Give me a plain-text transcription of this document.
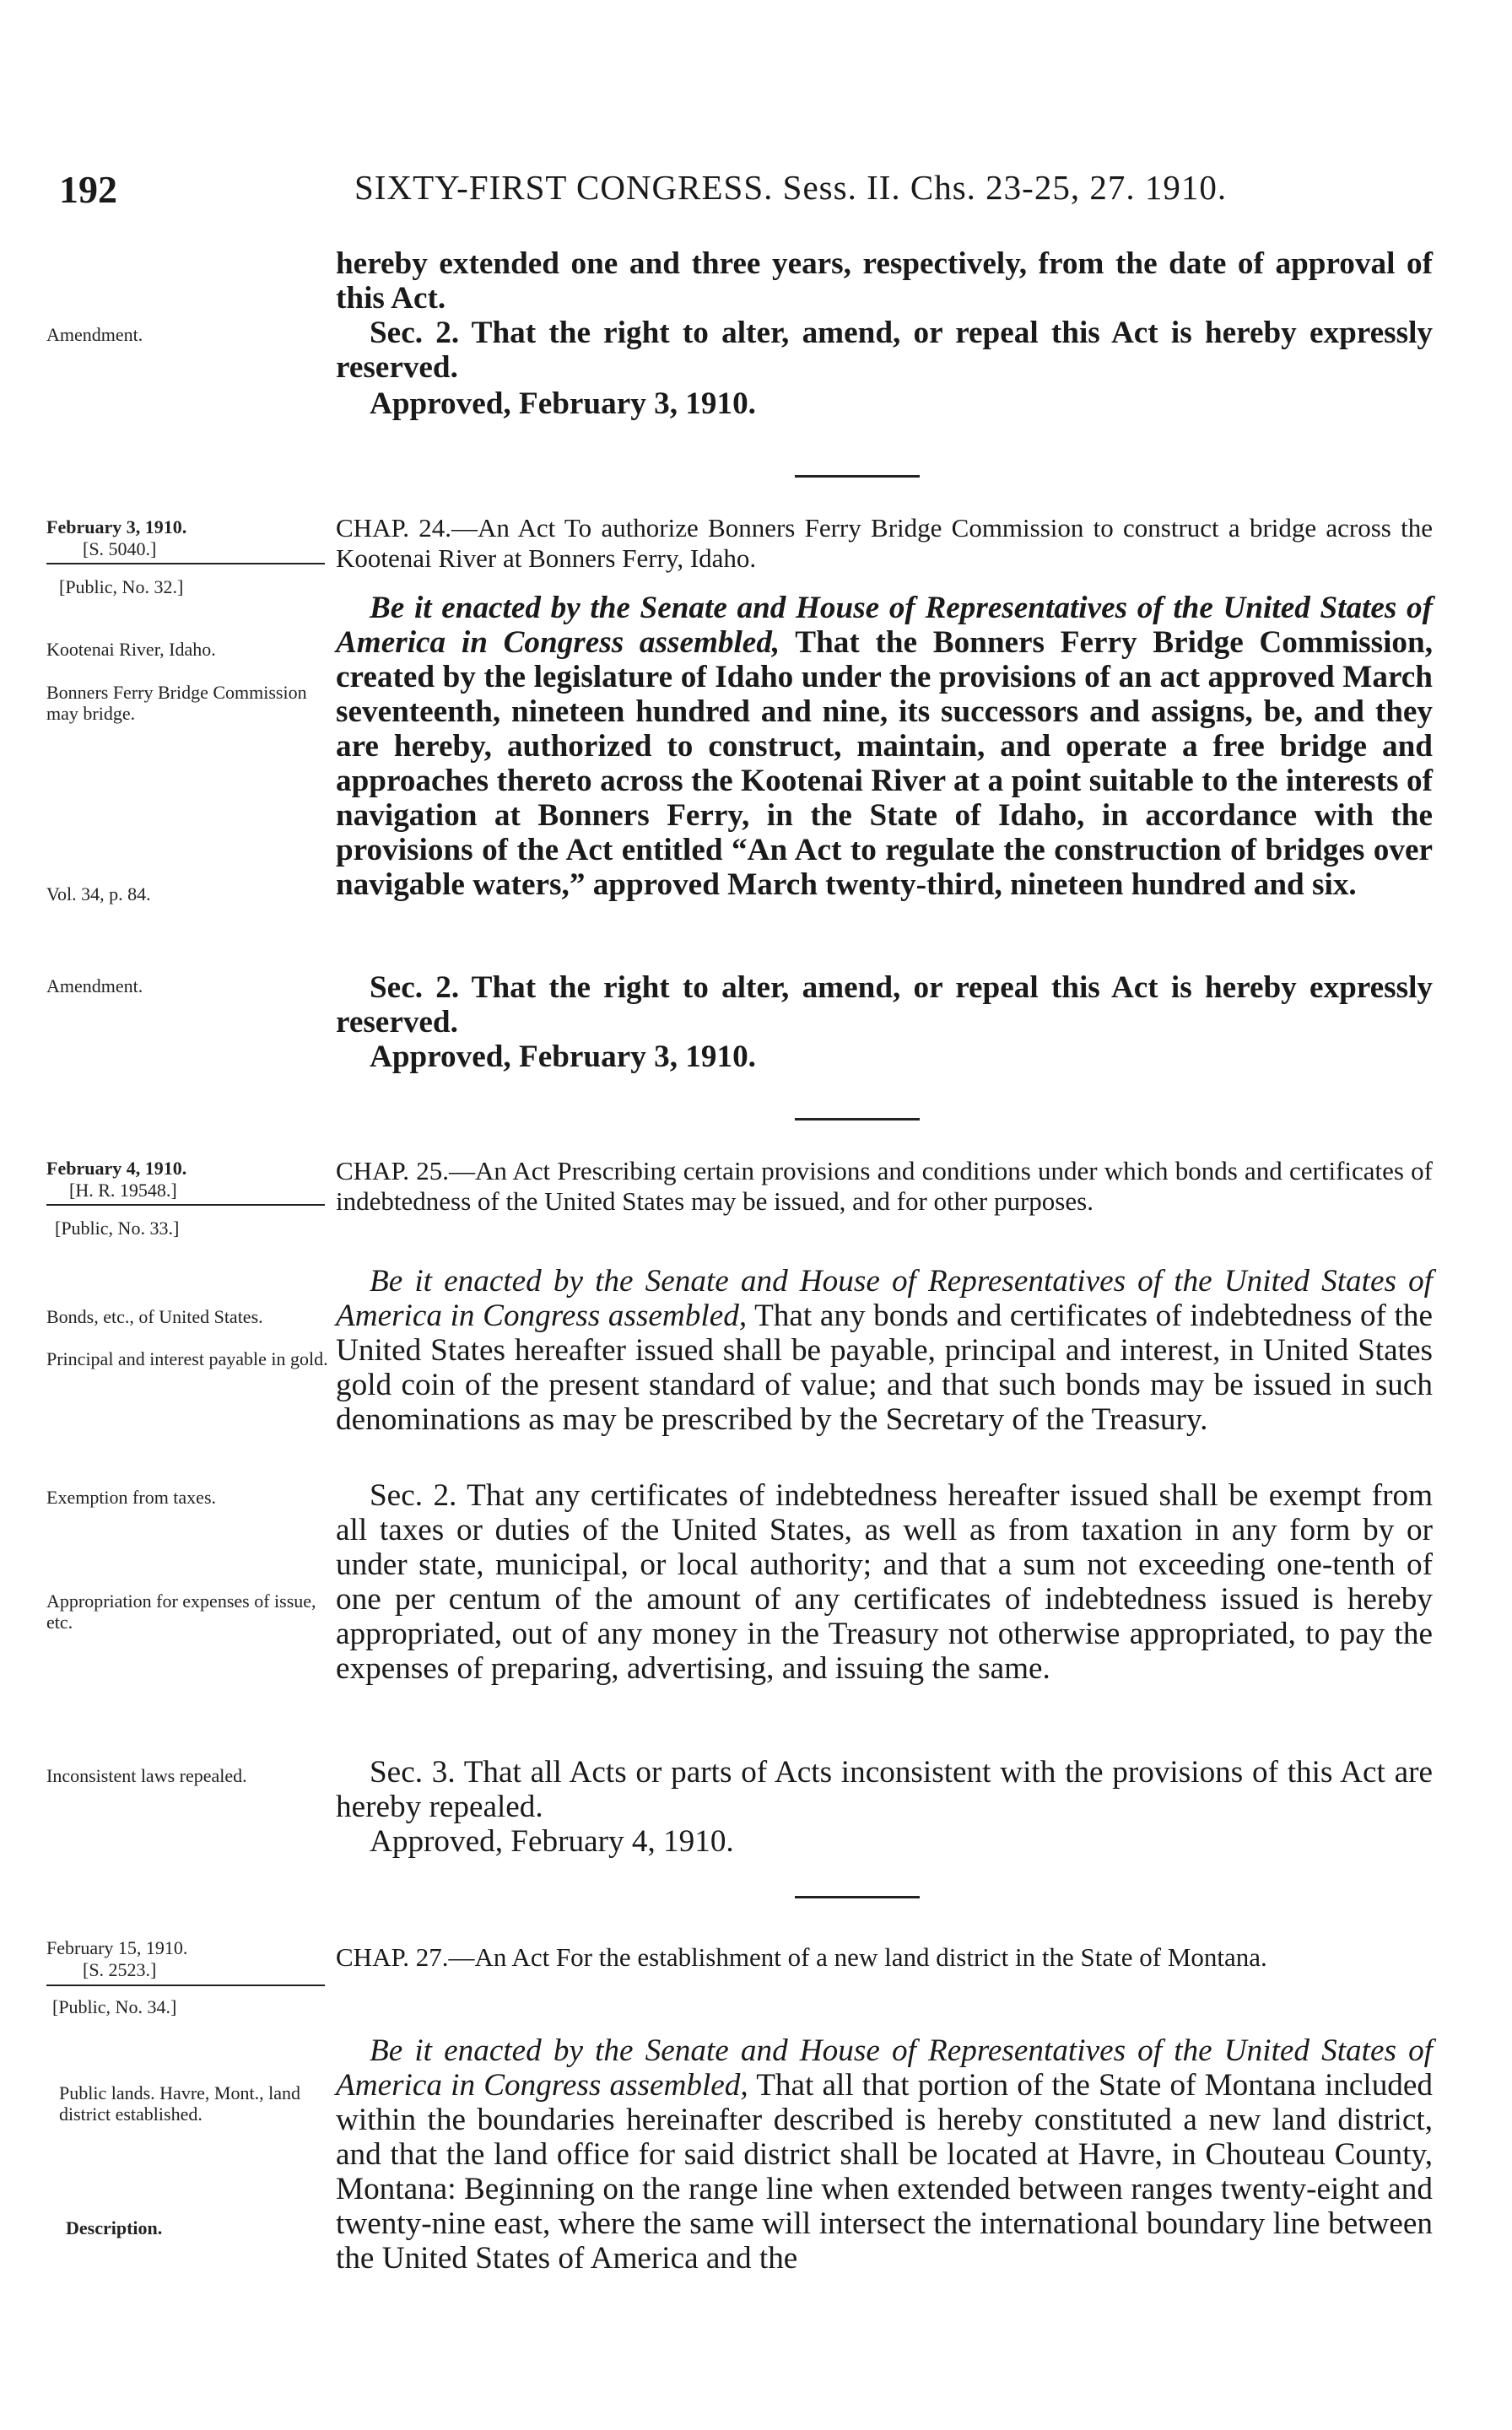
192	SIXTY-FIRST CONGRESS. Sess. II. Chs. 23-25, 27. 1910.
hereby extended one and three years, respectively, from the date of approval of this Act.
Amendment.	Sec. 2. That the right to alter, amend, or repeal this Act is hereby expressly reserved.
Approved, February 3, 1910.
February 3, 1910.
[S. 5040.]
[Public, No. 32.]
CHAP. 24.—An Act To authorize Bonners Ferry Bridge Commission to construct a bridge across the Kootenai River at Bonners Ferry, Idaho.
Kootenai River, Idaho.
Bonners Ferry Bridge Commission may bridge.
Vol. 34, p. 84.
Amendment.
Be it enacted by the Senate and House of Representatives of the United States of America in Congress assembled, That the Bonners Ferry Bridge Commission, created by the legislature of Idaho under the provisions of an act approved March seventeenth, nineteen hundred and nine, its successors and assigns, be, and they are hereby, authorized to construct, maintain, and operate a free bridge and approaches thereto across the Kootenai River at a point suitable to the interests of navigation at Bonners Ferry, in the State of Idaho, in accordance with the provisions of the Act entitled “An Act to regulate the construction of bridges over navigable waters,” approved March twenty-third, nineteen hundred and six.
Sec. 2. That the right to alter, amend, or repeal this Act is hereby expressly reserved.
Approved, February 3, 1910.
February 4, 1910.
[H. R. 19548.]
[Public, No. 33.]
CHAP. 25.—An Act Prescribing certain provisions and conditions under which bonds and certificates of indebtedness of the United States may be issued, and for other purposes.
Bonds, etc., of United States.
Principal and interest payable in gold.
Exemption from taxes.
Appropriation for expenses of issue, etc.
Inconsistent laws repealed.
Be it enacted by the Senate and House of Representatives of the United States of America in Congress assembled, That any bonds and certificates of indebtedness of the United States hereafter issued shall be payable, principal and interest, in United States gold coin of the present standard of value; and that such bonds may be issued in such denominations as may be prescribed by the Secretary of the Treasury.
Sec. 2. That any certificates of indebtedness hereafter issued shall be exempt from all taxes or duties of the United States, as well as from taxation in any form by or under state, municipal, or local authority; and that a sum not exceeding one-tenth of one per centum of the amount of any certificates of indebtedness issued is hereby appropriated, out of any money in the Treasury not otherwise appropriated, to pay the expenses of preparing, advertising, and issuing the same.
Sec. 3. That all Acts or parts of Acts inconsistent with the provisions of this Act are hereby repealed.
Approved, February 4, 1910.
February 15, 1910.
[S. 2523.]
[Public, No. 34.]
CHAP. 27.—An Act For the establishment of a new land district in the State of Montana.
Public lands. Havre, Mont., land district established.
Description.
Be it enacted by the Senate and House of Representatives of the United States of America in Congress assembled, That all that portion of the State of Montana included within the boundaries hereinafter described is hereby constituted a new land district, and that the land office for said district shall be located at Havre, in Chouteau County, Montana: Beginning on the range line when extended between ranges twenty-eight and twenty-nine east, where the same will intersect the international boundary line between the United States of America and the
